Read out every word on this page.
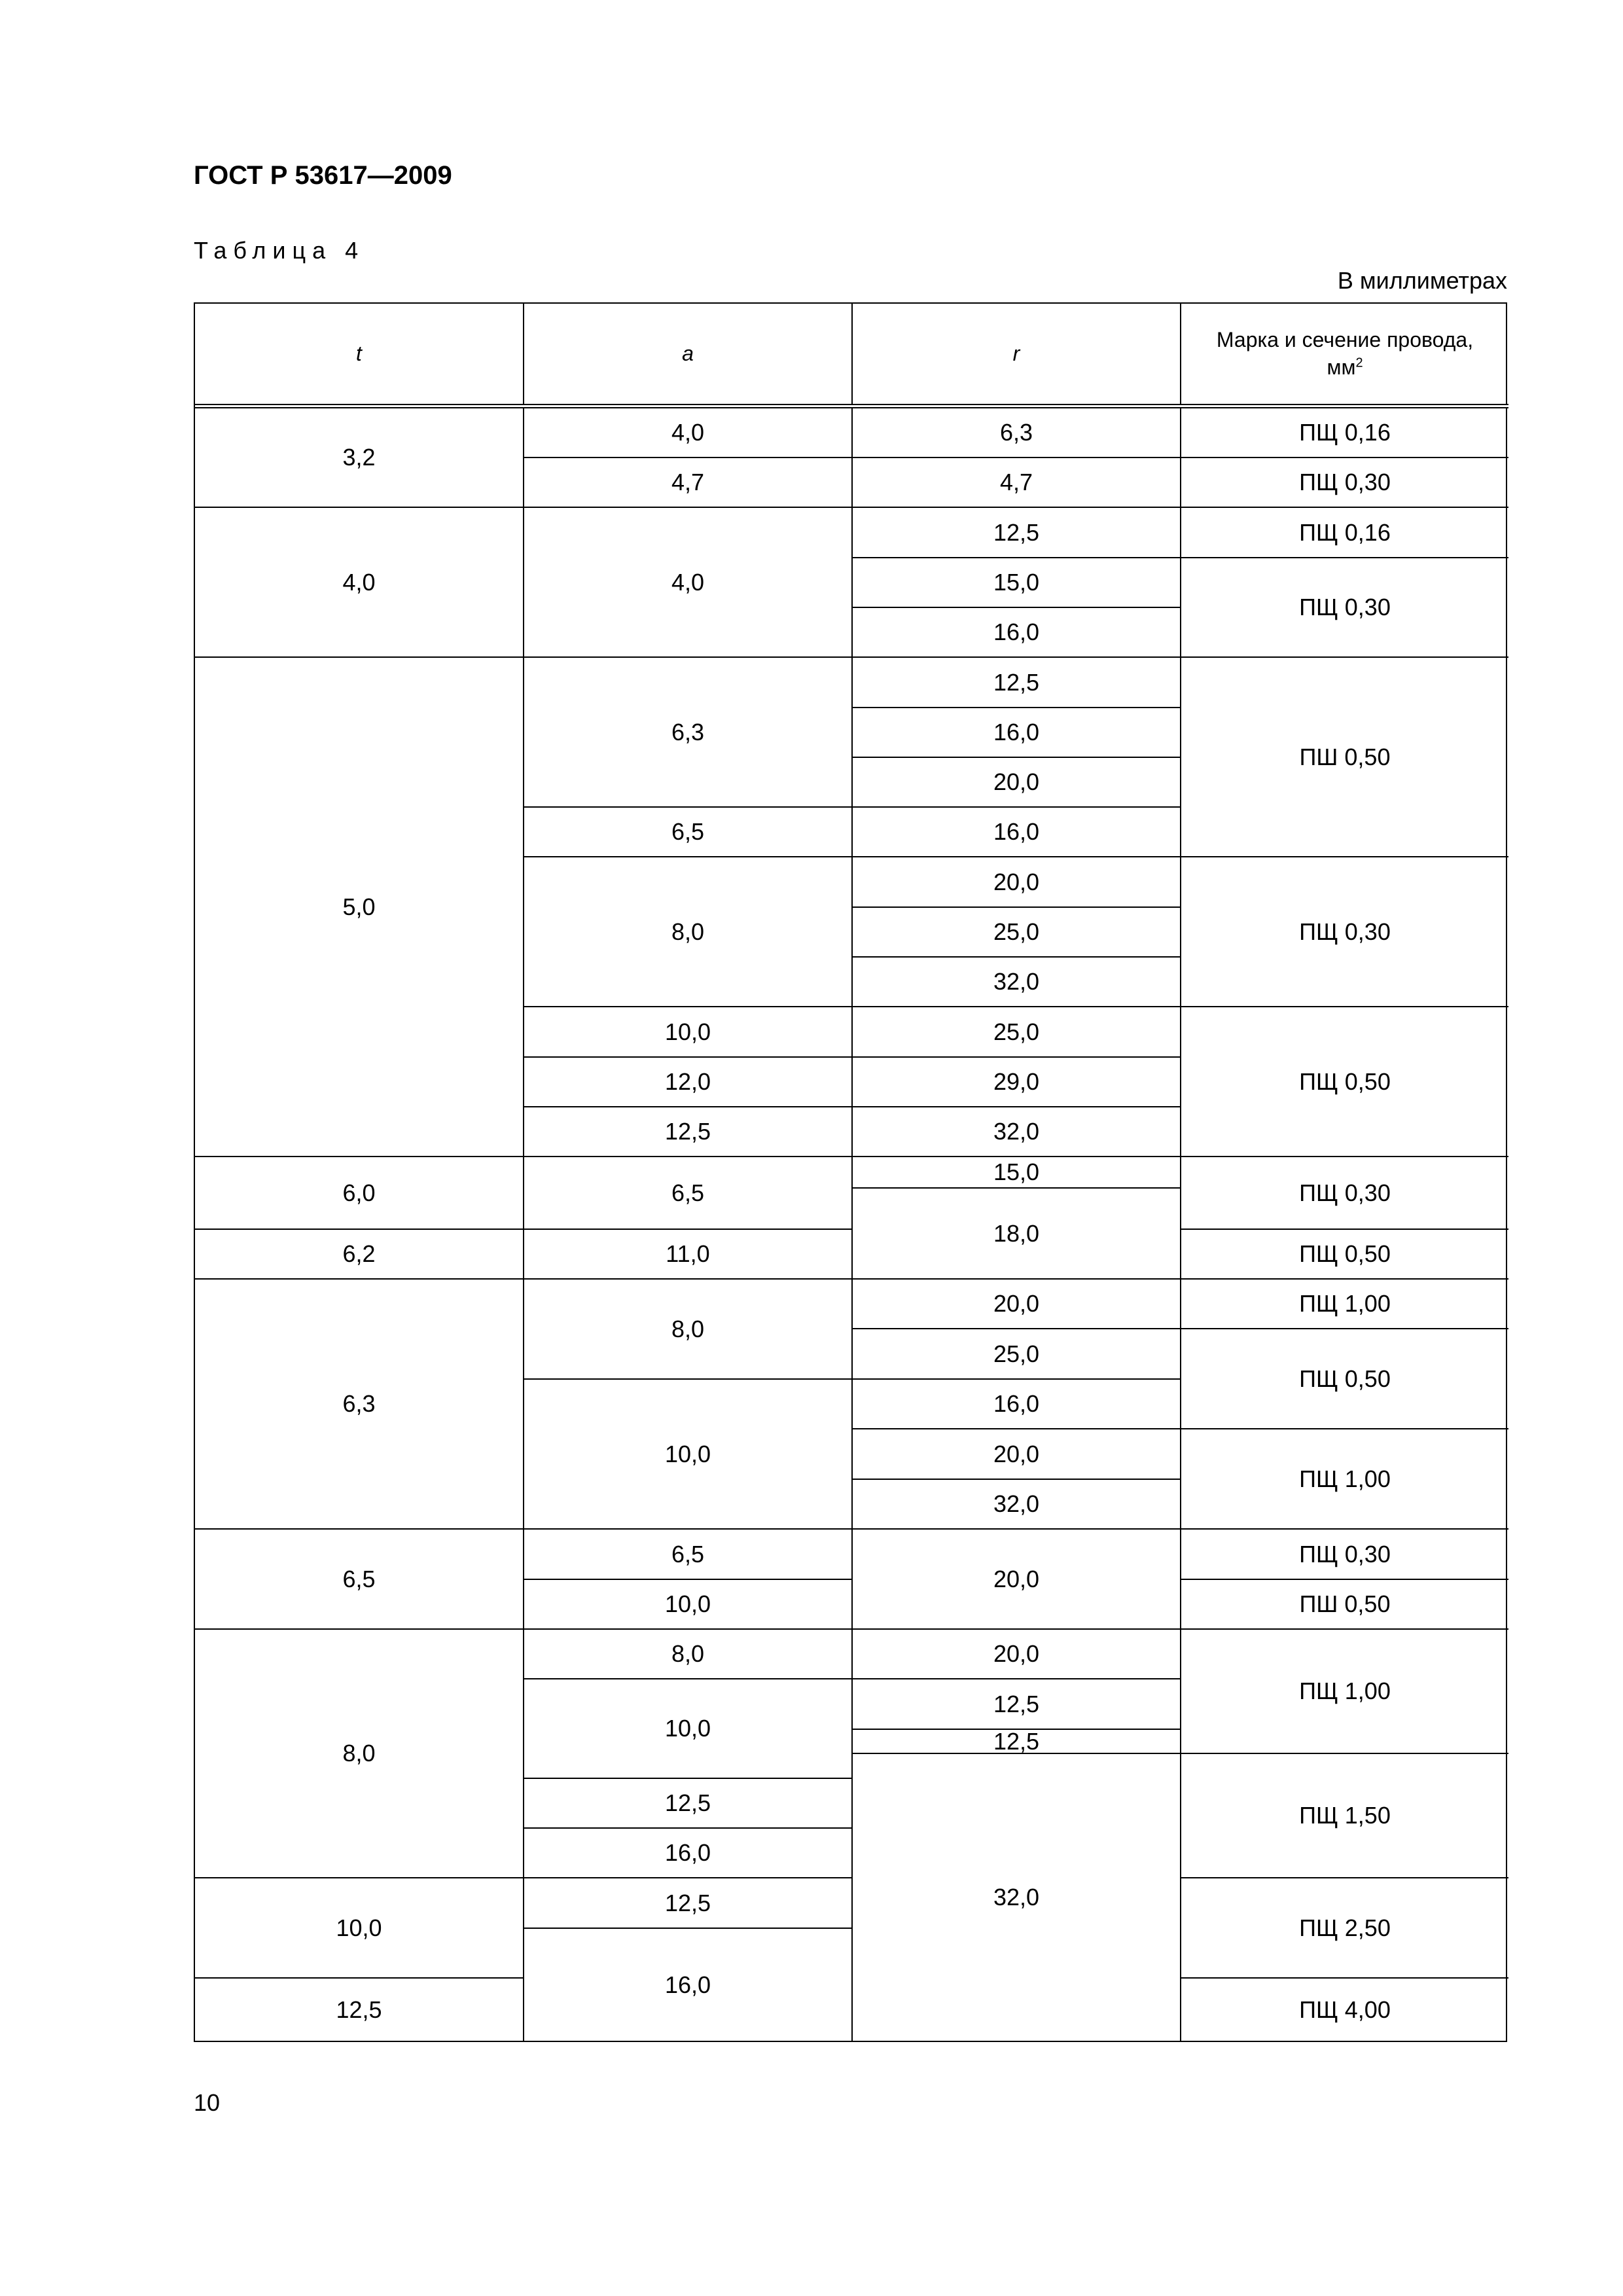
ГОСТ Р 53617—2009
Таблица 4
В миллиметрах
t	a	r
Марка и сечение провода,
$мм^2$
3,2
4,0
5,0
6,0
6,2
6,3
6,5
8,0
10,0
12,5
4,0
4,7
4,0
6,3
6,5
8,0
10,0
12,0
12,5
6,5
11,0
8,0
10,0
6,5
10,0
8,0
10,0
12,5
16,0
12,5
16,0
6,3
4,7
12,5
15,0
16,0
12,5
16,0
20,0
16,0
20,0
25,0
32,0
25,0
29,0
32,0
15,0
18,0
20,0
25,0
16,0
20,0
32,0
20,0
20,0
12,5
12,5
32,0
ПЩ 0,16
ПЩ 0,30
ПЩ 0,16
ПЩ 0,30
ПШ 0,50
ПЩ 0,30
ПЩ 0,50
ПЩ 0,30
ПЩ 0,50
ПЩ 1,00
ПЩ 0,50
ПЩ 1,00
ПЩ 0,30
ПШ 0,50
ПЩ 1,00
ПЩ 1,50
ПЩ 2,50
ПЩ 4,00
10
